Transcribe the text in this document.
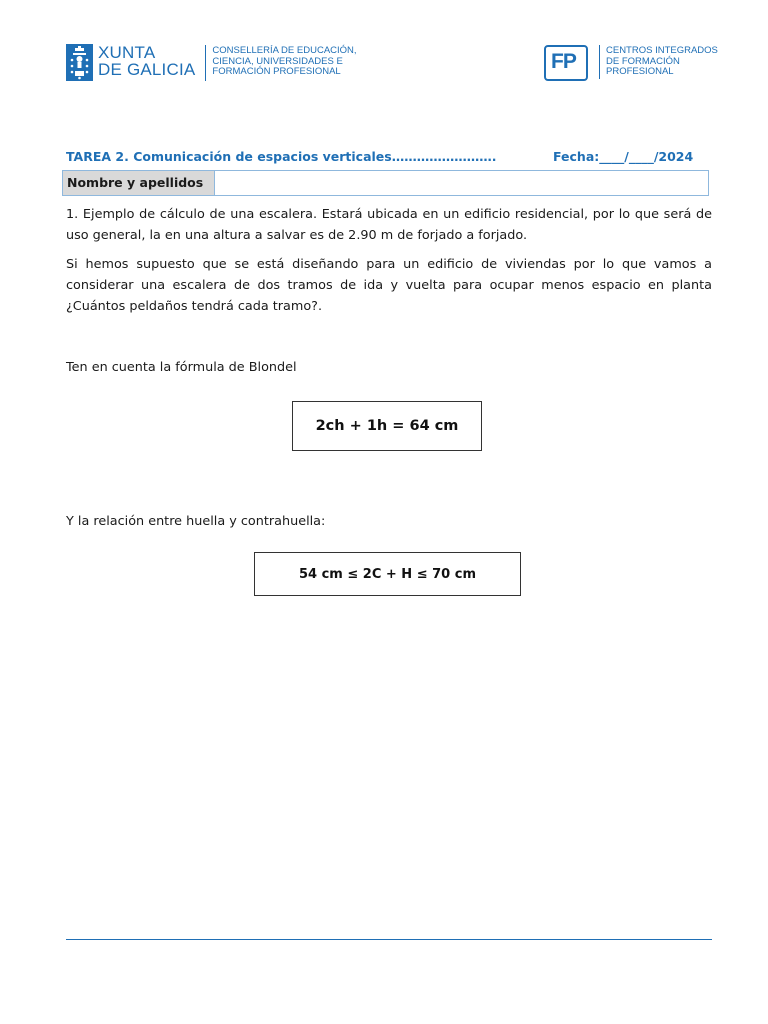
XUNTA
DE GALICIA
CONSELLERÍA DE EDUCACIÓN,
CIENCIA, UNIVERSIDADES E
FORMACIÓN PROFESIONAL	FP	CENTROS INTEGRADOS
DE FORMACIÓN
PROFESIONAL
TAREA 2. Comunicación de espacios verticales…………………….	Fecha:____/____/2024
Nombre y apellidos
1. Ejemplo de cálculo de una escalera. Estará ubicada en un edificio residencial, por lo que será de uso general, la en una altura a salvar es de 2.90 m de forjado a forjado.
Si hemos supuesto que se está diseñando para un edificio de viviendas por lo que vamos a considerar una escalera de dos tramos de ida y vuelta para ocupar menos espacio en planta ¿Cuántos peldaños tendrá cada tramo?.
Ten en cuenta la fórmula de Blondel
2ch + 1h = 64 cm
Y la relación entre huella y contrahuella:
54 cm ≤ 2C + H ≤ 70 cm
